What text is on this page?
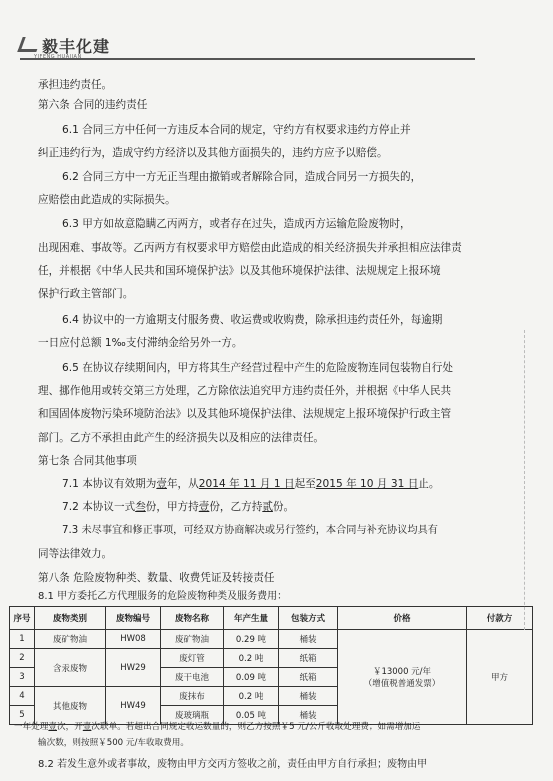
毅丰化建
YIFENG HUAJIAN
承担违约责任。
第六条 合同的违约责任
6.1 合同三方中任何一方违反本合同的规定，守约方有权要求违约方停止并
纠正违约行为，造成守约方经济以及其他方面损失的，违约方应予以赔偿。
6.2 合同三方中一方无正当理由撤销或者解除合同，造成合同另一方损失的，
应赔偿由此造成的实际损失。
6.3 甲方如故意隐瞒乙丙两方，或者存在过失，造成丙方运输危险废物时，
出现困难、事故等。乙丙两方有权要求甲方赔偿由此造成的相关经济损失并承担相应法律责
任，并根据《中华人民共和国环境保护法》以及其他环境保护法律、法规规定上报环境
保护行政主管部门。
6.4 协议中的一方逾期支付服务费、收运费或收购费，除承担违约责任外，每逾期
一日应付总额 1‰支付滞纳金给另外一方。
6.5 在协议存续期间内，甲方将其生产经营过程中产生的危险废物连同包装物自行处
理、挪作他用或转交第三方处理，乙方除依法追究甲方违约责任外，并根据《中华人民共
和国固体废物污染环境防治法》以及其他环境保护法律、法规规定上报环境保护行政主管
部门。乙方不承担由此产生的经济损失以及相应的法律责任。
第七条 合同其他事项
7.1 本协议有效期为壹年，从2014 年 11 月 1 日起至2015 年 10 月 31 日止。
7.2 本协议一式叁份，甲方持壹份，乙方持贰份。
7.3 未尽事宜和修正事项，可经双方协商解决或另行签约，本合同与补充协议均具有
同等法律效力。
第八条 危险废物种类、数量、收费凭证及转接责任
8.1 甲方委托乙方代理服务的危险废物种类及服务费用：
序号	废物类别	废物编号	废物名称	年产生量	包装方式	价格	付款方
1	废矿物油	HW08	废矿物油	0.29 吨	桶装	￥13000 元/年
（增值税普通发票）	甲方
2	含汞废物	HW29	废灯管	0.2 吨	纸箱		
3			废干电池	0.09 吨	纸箱		
4	其他废物	HW49	废抹布	0.2 吨	桶装		
5			废玻璃瓶	0.05 吨	桶装		
一年处理壹次，开壹次联单。若超出合同规定收运数量的，则乙方按照￥5 元/公斤收取处理费；如需增加运
输次数，则按照￥500 元/车收取费用。
8.2 若发生意外或者事故，废物由甲方交丙方签收之前，责任由甲方自行承担；废物由甲
